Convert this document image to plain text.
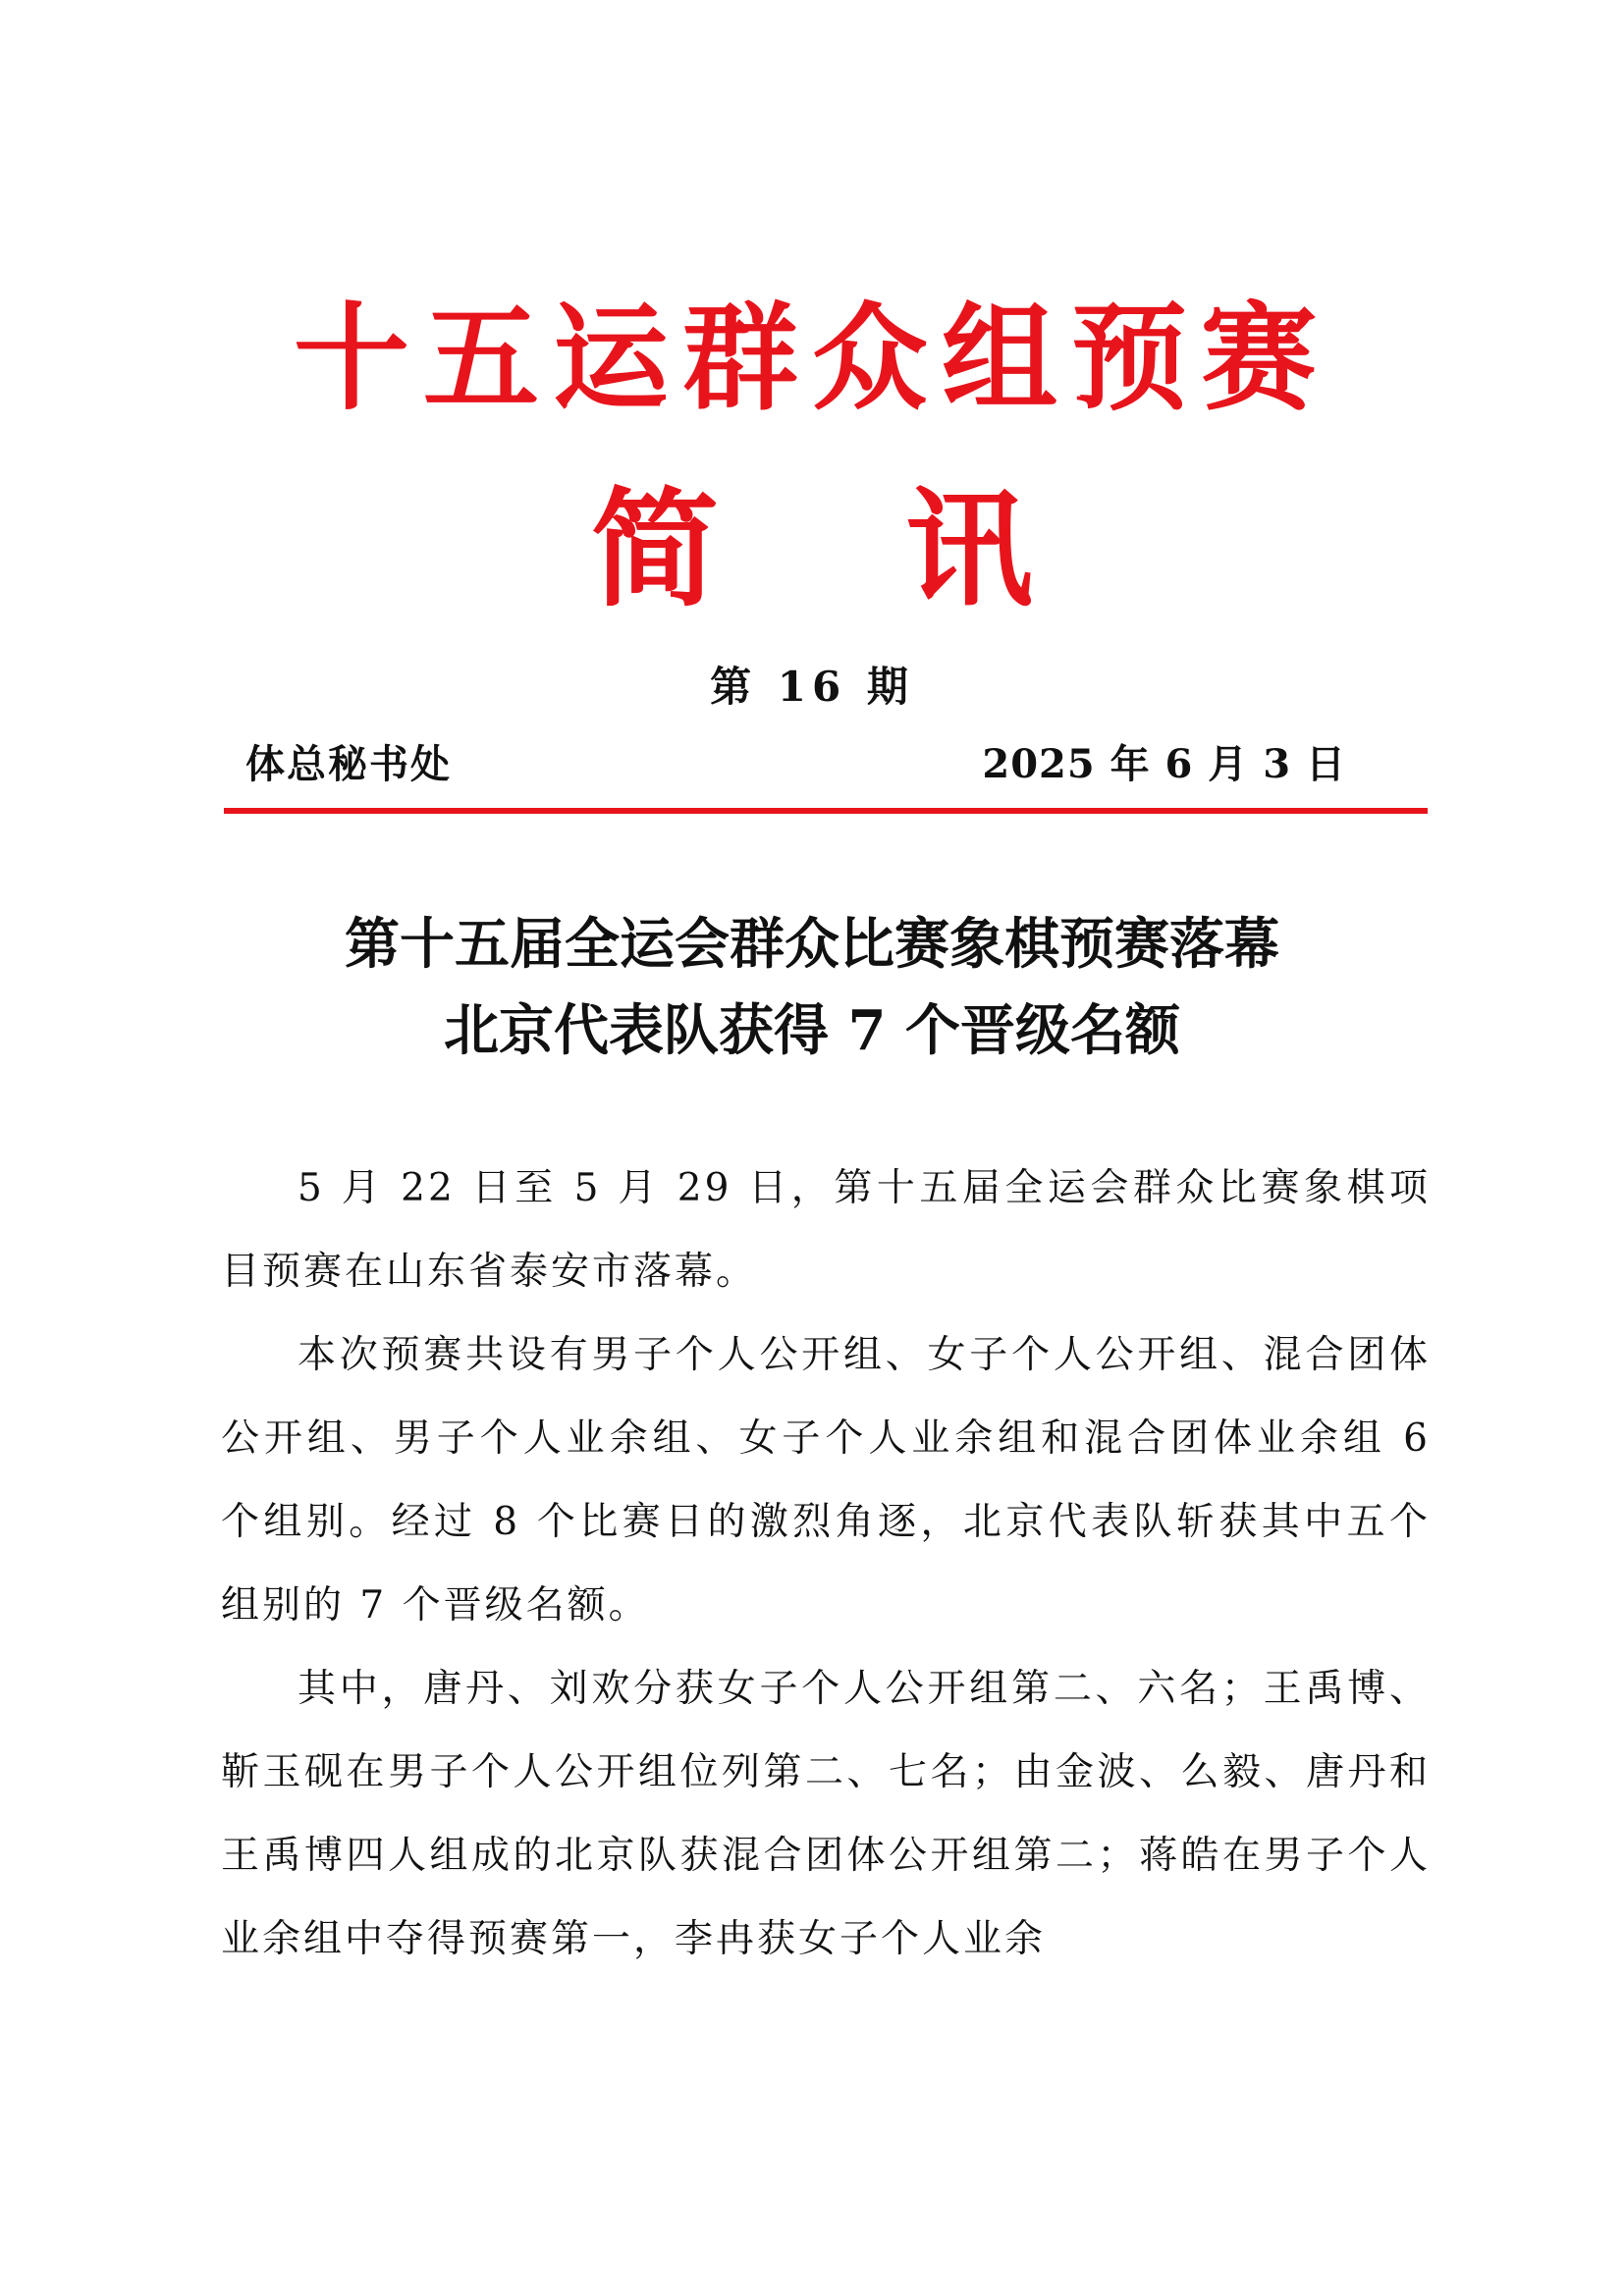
十五运群众组预赛
简 讯
第 16 期
体总秘书处	2025 年 6 月 3 日
第十五届全运会群众比赛象棋预赛落幕
北京代表队获得 7 个晋级名额

5 月 22 日至 5 月 29 日，第十五届全运会群众比赛象棋项目预赛在山东省泰安市落幕。

本次预赛共设有男子个人公开组、女子个人公开组、混合团体公开组、男子个人业余组、女子个人业余组和混合团体业余组 6 个组别。经过 8 个比赛日的激烈角逐，北京代表队斩获其中五个组别的 7 个晋级名额。

其中，唐丹、刘欢分获女子个人公开组第二、六名；王禹博、靳玉砚在男子个人公开组位列第二、七名；由金波、么毅、唐丹和王禹博四人组成的北京队获混合团体公开组第二；蒋皓在男子个人业余组中夺得预赛第一，李冉获女子个人业余
